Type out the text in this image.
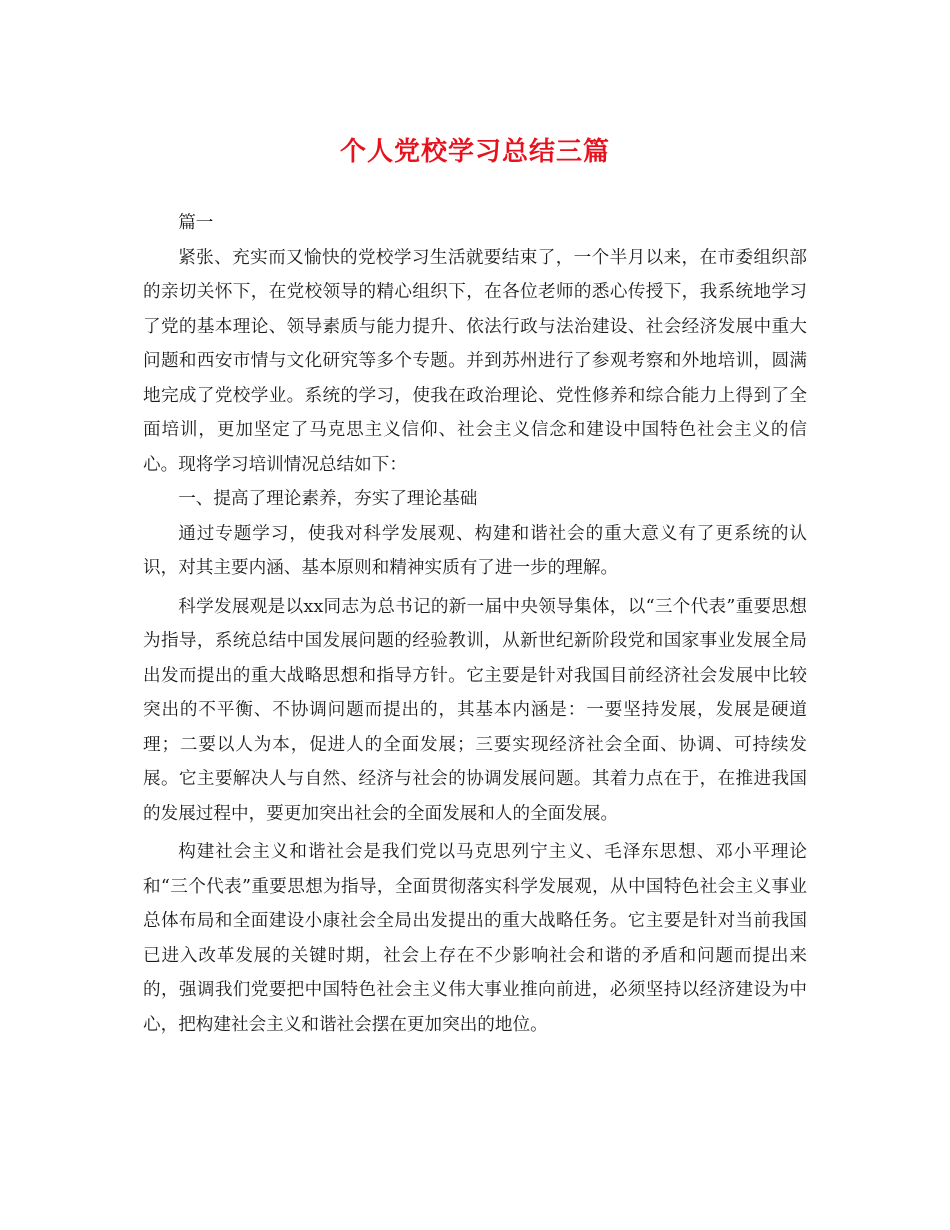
个人党校学习总结三篇

篇一

紧张、充实而又愉快的党校学习生活就要结束了，一个半月以来，在市委组织部的亲切关怀下，在党校领导的精心组织下，在各位老师的悉心传授下，我系统地学习了党的基本理论、领导素质与能力提升、依法行政与法治建设、社会经济发展中重大问题和西安市情与文化研究等多个专题。并到苏州进行了参观考察和外地培训，圆满地完成了党校学业。系统的学习，使我在政治理论、党性修养和综合能力上得到了全面培训，更加坚定了马克思主义信仰、社会主义信念和建设中国特色社会主义的信心。现将学习培训情况总结如下：

一、提高了理论素养，夯实了理论基础

通过专题学习，使我对科学发展观、构建和谐社会的重大意义有了更系统的认识，对其主要内涵、基本原则和精神实质有了进一步的理解。

科学发展观是以xx同志为总书记的新一届中央领导集体，以“三个代表”重要思想为指导，系统总结中国发展问题的经验教训，从新世纪新阶段党和国家事业发展全局出发而提出的重大战略思想和指导方针。它主要是针对我国目前经济社会发展中比较突出的不平衡、不协调问题而提出的，其基本内涵是：一要坚持发展，发展是硬道理；二要以人为本，促进人的全面发展；三要实现经济社会全面、协调、可持续发展。它主要解决人与自然、经济与社会的协调发展问题。其着力点在于，在推进我国的发展过程中，要更加突出社会的全面发展和人的全面发展。

构建社会主义和谐社会是我们党以马克思列宁主义、毛泽东思想、邓小平理论和“三个代表”重要思想为指导，全面贯彻落实科学发展观，从中国特色社会主义事业总体布局和全面建设小康社会全局出发提出的重大战略任务。它主要是针对当前我国已进入改革发展的关键时期，社会上存在不少影响社会和谐的矛盾和问题而提出来的，强调我们党要把中国特色社会主义伟大事业推向前进，必须坚持以经济建设为中心，把构建社会主义和谐社会摆在更加突出的地位。
